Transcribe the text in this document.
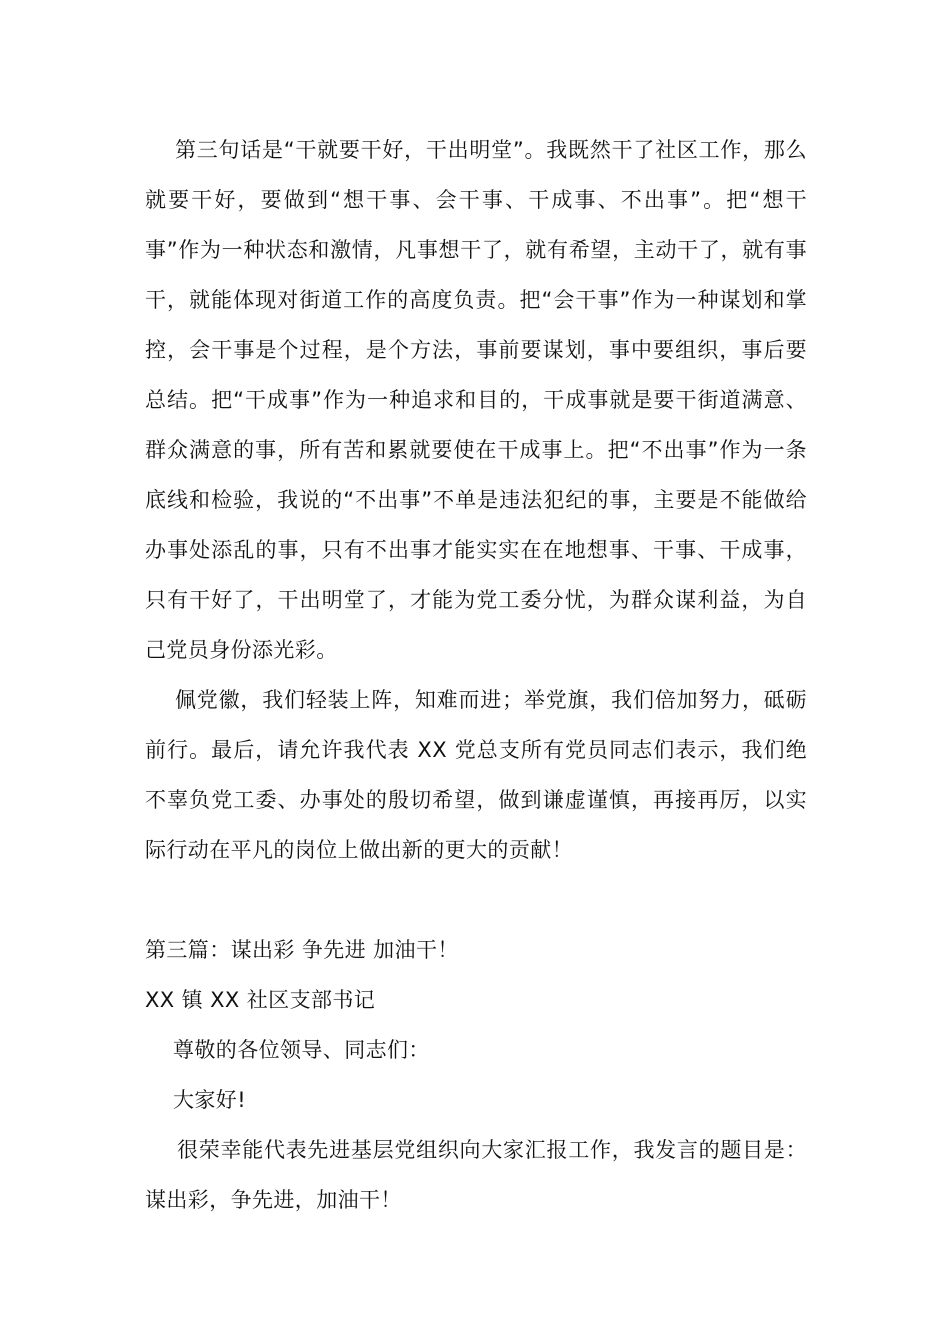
第三句话是“干就要干好，干出明堂”。我既然干了社区工作，那么就要干好，要做到“想干事、会干事、干成事、不出事”。把“想干事”作为一种状态和激情，凡事想干了，就有希望，主动干了，就有事干，就能体现对街道工作的高度负责。把“会干事”作为一种谋划和掌控，会干事是个过程，是个方法，事前要谋划，事中要组织，事后要总结。把“干成事”作为一种追求和目的，干成事就是要干街道满意、群众满意的事，所有苦和累就要使在干成事上。把“不出事”作为一条底线和检验，我说的“不出事”不单是违法犯纪的事，主要是不能做给办事处添乱的事，只有不出事才能实实在在地想事、干事、干成事，只有干好了，干出明堂了，才能为党工委分忧，为群众谋利益，为自己党员身份添光彩。

佩党徽，我们轻装上阵，知难而进；举党旗，我们倍加努力，砥砺前行。最后，请允许我代表 XX 党总支所有党员同志们表示，我们绝不辜负党工委、办事处的殷切希望，做到谦虚谨慎，再接再厉，以实际行动在平凡的岗位上做出新的更大的贡献！

第三篇：谋出彩 争先进 加油干！

XX 镇 XX 社区支部书记

尊敬的各位领导、同志们：

大家好!

很荣幸能代表先进基层党组织向大家汇报工作，我发言的题目是：谋出彩，争先进，加油干！
